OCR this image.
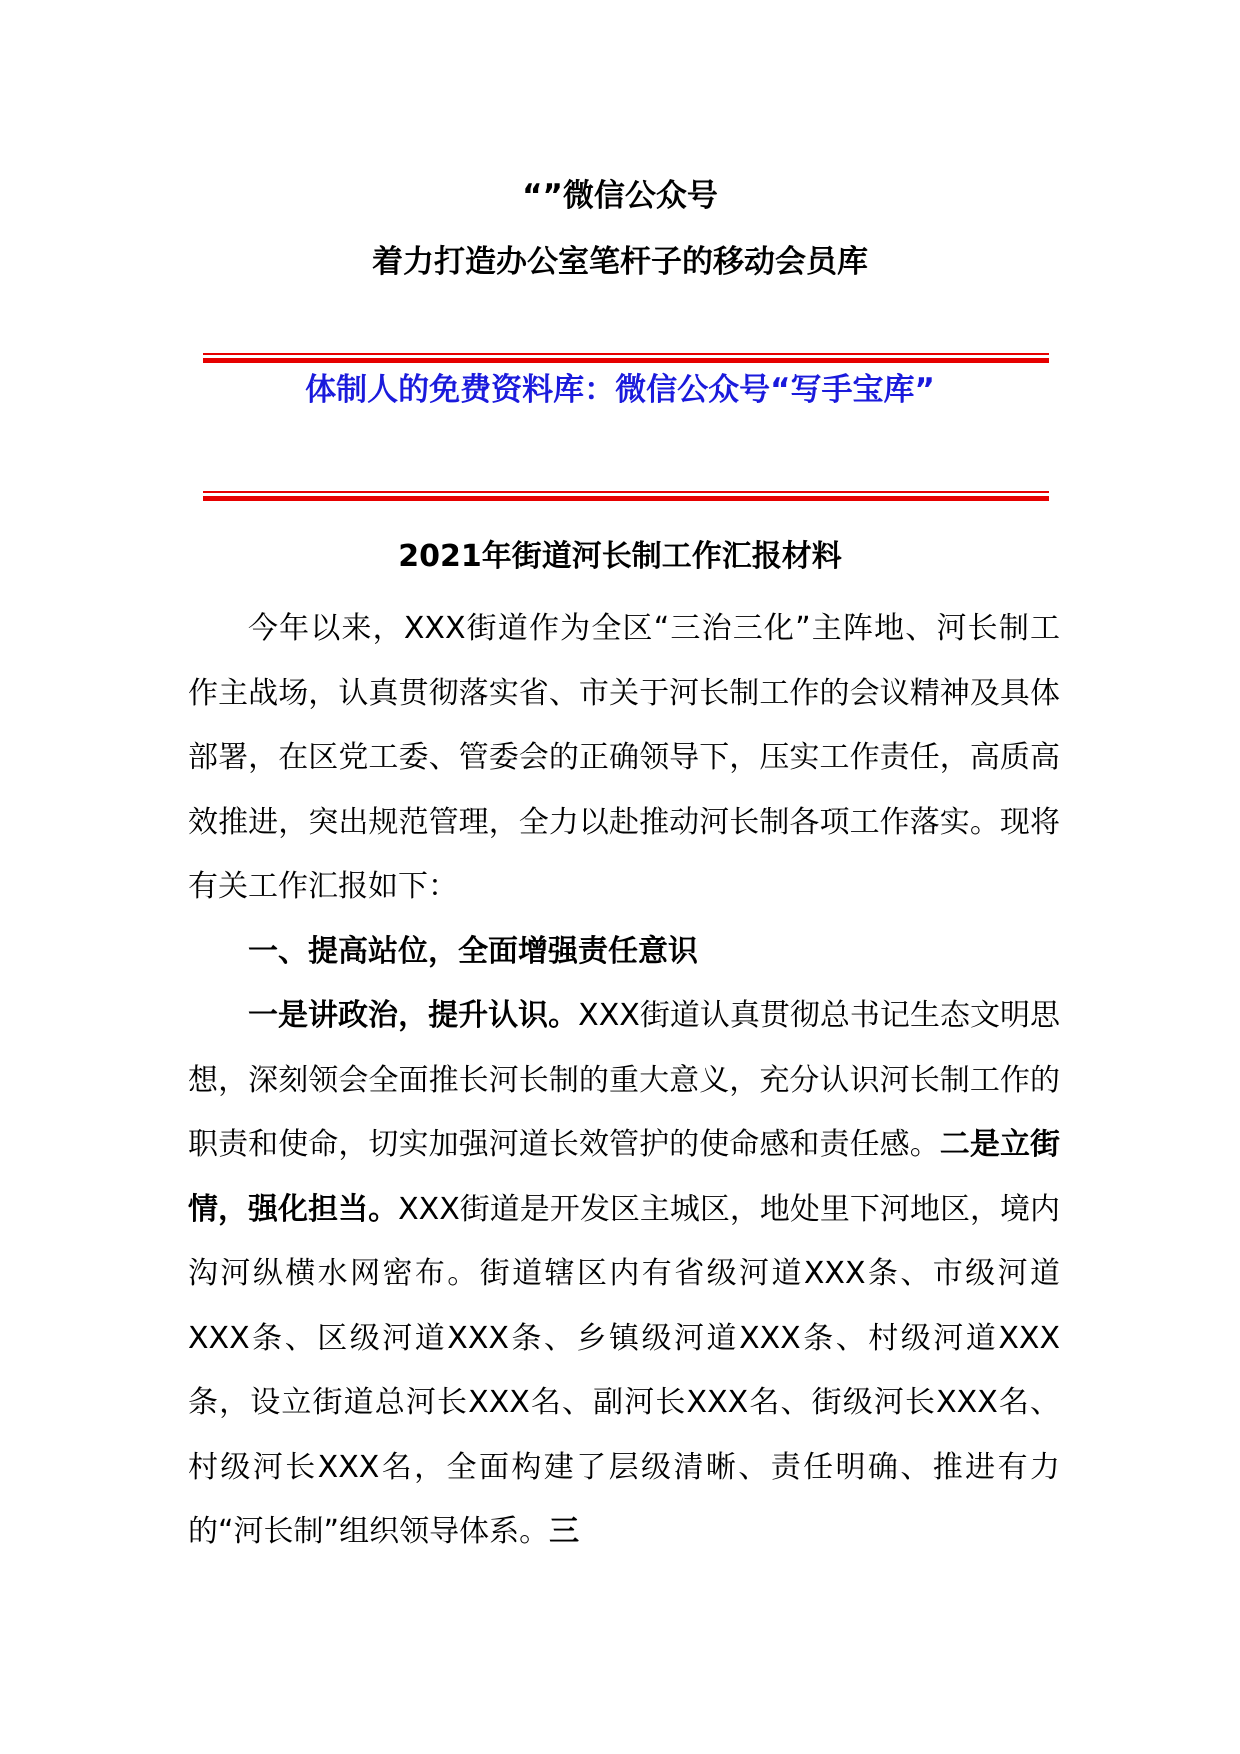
“”微信公众号
着力打造办公室笔杆子的移动会员库
体制人的免费资料库：微信公众号“写手宝库”
2021年街道河长制工作汇报材料

今年以来，XXX街道作为全区“三治三化”主阵地、河长制工作主战场，认真贯彻落实省、市关于河长制工作的会议精神及具体部署，在区党工委、管委会的正确领导下，压实工作责任，高质高效推进，突出规范管理，全力以赴推动河长制各项工作落实。现将有关工作汇报如下：

一、提高站位，全面增强责任意识

一是讲政治，提升认识。XXX街道认真贯彻总书记生态文明思想，深刻领会全面推长河长制的重大意义，充分认识河长制工作的职责和使命，切实加强河道长效管护的使命感和责任感。二是立街情，强化担当。XXX街道是开发区主城区，地处里下河地区，境内沟河纵横水网密布。街道辖区内有省级河道XXX条、市级河道XXX条、区级河道XXX条、乡镇级河道XXX条、村级河道XXX条，设立街道总河长XXX名、副河长XXX名、街级河长XXX名、村级河长XXX名，全面构建了层级清晰、责任明确、推进有力的“河长制”组织领导体系。三
